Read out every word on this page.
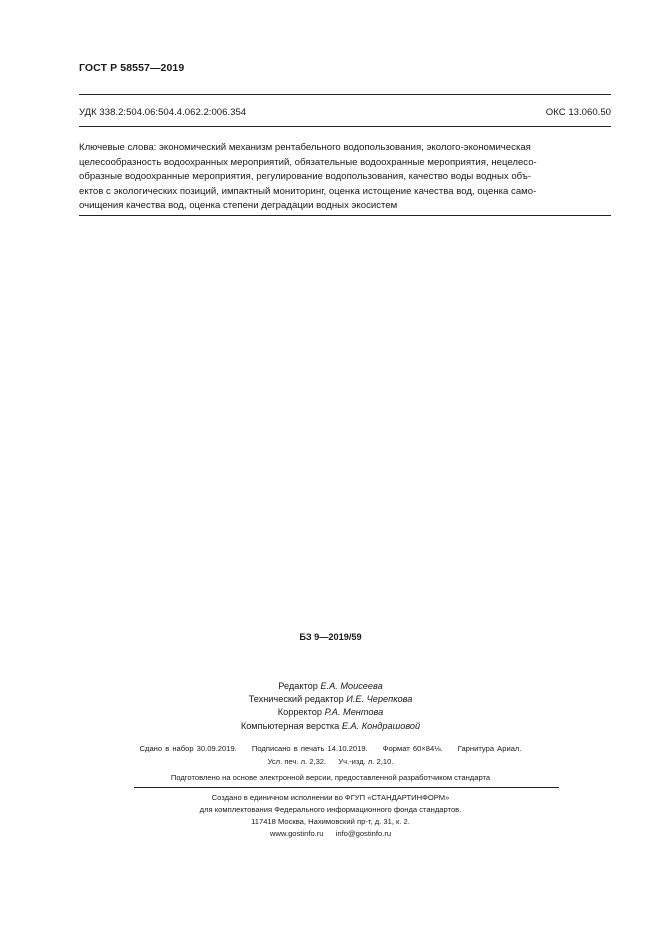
ГОСТ Р 58557—2019
УДК 338.2:504.06:504.4.062.2:006.354	ОКС 13.060.50
Ключевые слова: экономический механизм рентабельного водопользования, эколого-экономическая
целесообразность водоохранных мероприятий, обязательные водоохранные мероприятия, нецелесо-
образные водоохранные мероприятия, регулирование водопользования, качество воды водных объ-
ектов с экологических позиций, импактный мониторинг, оценка истощение качества вод, оценка само-
очищения качества вод, оценка степени деградации водных экосистем
БЗ 9—2019/59
Редактор Е.А. Моисеева
Технический редактор И.Е. Черепкова
Корректор Р.А. Ментова
Компьютерная верстка Е.А. Кондрашовой
Сдано в набор 30.09.2019. Подписано в печать 14.10.2019. Формат 60×84⅛. Гарнитура Ариал.
Усл. печ. л. 2,32. Уч.-изд. л. 2,10.
Подготовлено на основе электронной версии, предоставленной разработчиком стандарта
Создано в единичном исполнении во ФГУП «СТАНДАРТИНФОРМ»
для комплектования Федерального информационного фонда стандартов.
117418 Москва, Нахимовский пр-т, д. 31, к. 2.
www.gostinfo.ru info@gostinfo.ru
